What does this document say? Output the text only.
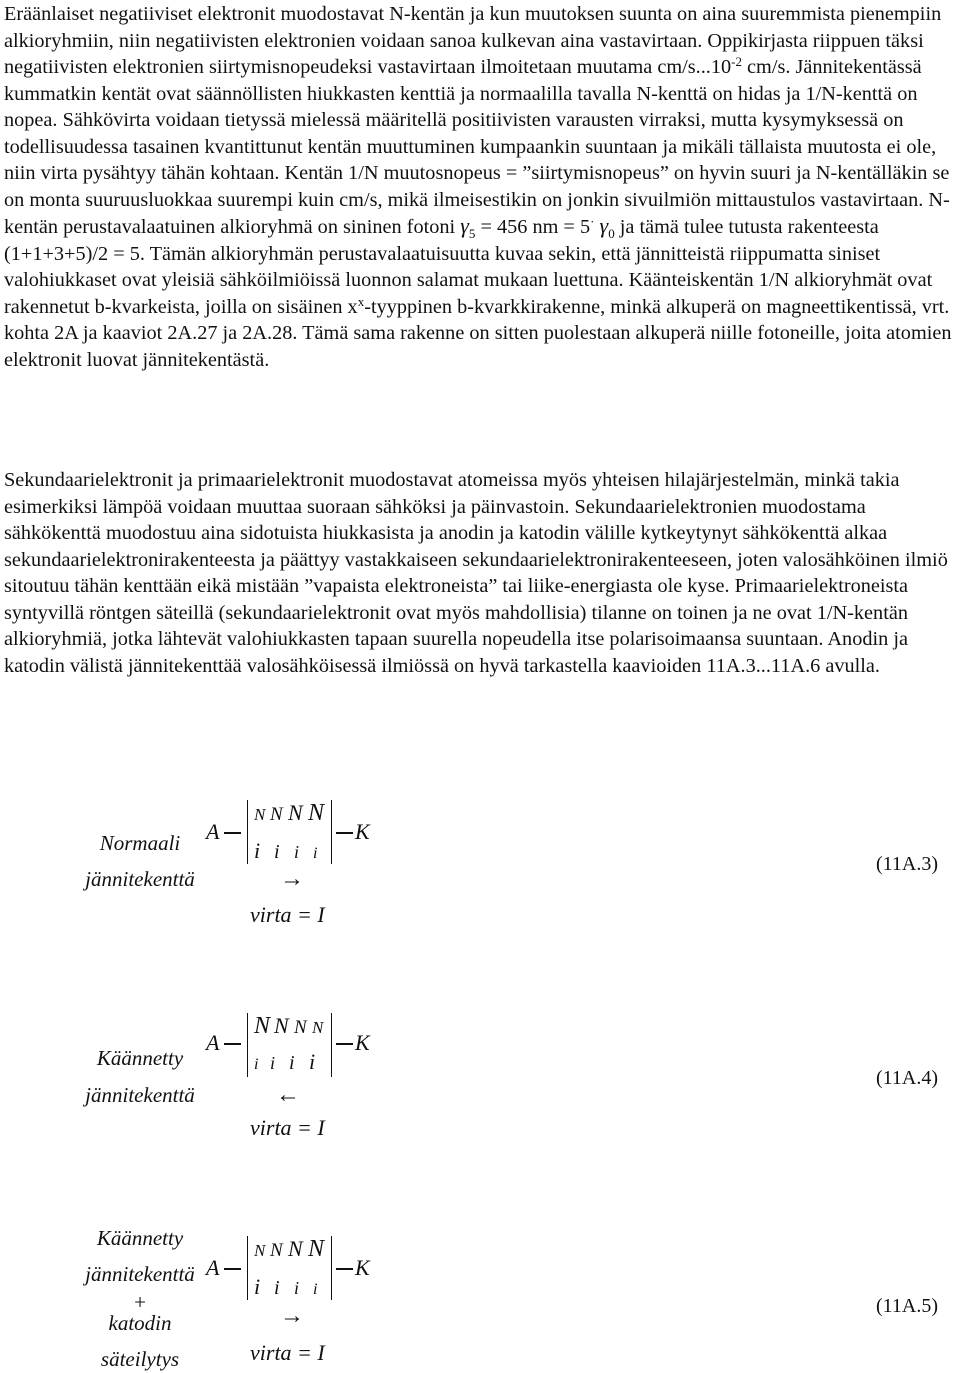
Eräänlaiset negatiiviset elektronit muodostavat N-kentän ja kun muutoksen suunta on aina suuremmista pienempiin alkioryhmiin, niin negatiivisten elektronien voidaan sanoa kulkevan aina vastavirtaan. Oppikirjasta riippuen täksi negatiivisten elektronien siirtymisnopeudeksi vastavirtaan ilmoitetaan muutama $cm/s...10^{-2}$ cm/s. Jännitekentässä kummatkin kentät ovat säännöllisten hiukkasten kenttiä ja normaalilla tavalla N-kenttä on hidas ja 1/N-kenttä on nopea. Sähkövirta voidaan tietyssä mielessä määritellä positiivisten varausten virraksi, mutta kysymyksessä on todellisuudessa tasainen kvantittunut kentän muuttuminen kumpaankin suuntaan ja mikäli tällaista muutosta ei ole, niin virta pysähtyy tähän kohtaan. Kentän 1/N muutosnopeus = ”siirtymisnopeus” on hyvin suuri ja N-kentälläkin se on monta suuruusluokkaa suurempi kuin cm/s, mikä ilmeisestikin on jonkin sivuilmiön mittaustulos vastavirtaan. N-kentän perustavalaatuinen alkioryhmä on sininen fotoni $\gamma_5 = 456$ nm = 5· $\gamma_0$ ja tämä tulee tutusta rakenteesta (1+1+3+5)/2 = 5. Tämän alkioryhmän perustavalaatuisuutta kuvaa sekin, että jännitteistä riippumatta siniset valohiukkaset ovat yleisiä sähköilmiöissä luonnon salamat mukaan luettuna. Käänteiskentän 1/N alkioryhmät ovat rakennetut b-kvarkeista, joilla on sisäinen $x^x$-tyyppinen b-kvarkkirakenne, minkä alkuperä on magneettikentissä, vrt. kohta 2A ja kaaviot 2A.27 ja 2A.28. Tämä sama rakenne on sitten puolestaan alkuperä niille fotoneille, joita atomien elektronit luovat jännitekentästä.

Sekundaarielektronit ja primaarielektronit muodostavat atomeissa myös yhteisen hilajärjestelmän, minkä takia esimerkiksi lämpöä voidaan muuttaa suoraan sähköksi ja päinvastoin. Sekundaarielektronien muodostama sähkökenttä muodostuu aina sidotuista hiukkasista ja anodin ja katodin välille kytkeytynyt sähkökenttä alkaa sekundaarielektronirakenteesta ja päättyy vastakkaiseen sekundaarielektronirakenteeseen, joten valosähköinen ilmiö sitoutuu tähän kenttään eikä mistään ”vapaista elektroneista” tai liike-energiasta ole kyse. Primaarielektroneista syntyvillä röntgen säteillä (sekundaarielektronit ovat myös mahdollisia) tilanne on toinen ja ne ovat 1/N-kentän alkioryhmiä, jotka lähtevät valohiukkasten tapaan suurella nopeudella itse polarisoimaansa suuntaan. Anodin ja katodin välistä jännitekenttää valosähköisessä ilmiössä on hyvä tarkastella kaavioiden 11A.3...11A.6 avulla.

Normaali
jännitekenttä
A
N N N N
i i i i
K
→
virta = I
(11A.3)
Käännetty
jännitekenttä
A
N N N N
i i i i
K
←
virta = I
(11A.4)
Käännetty
jännitekenttä
+
katodin
säteilytys
A
N N N N
i i i i
K
→
virta = I
(11A.5)
